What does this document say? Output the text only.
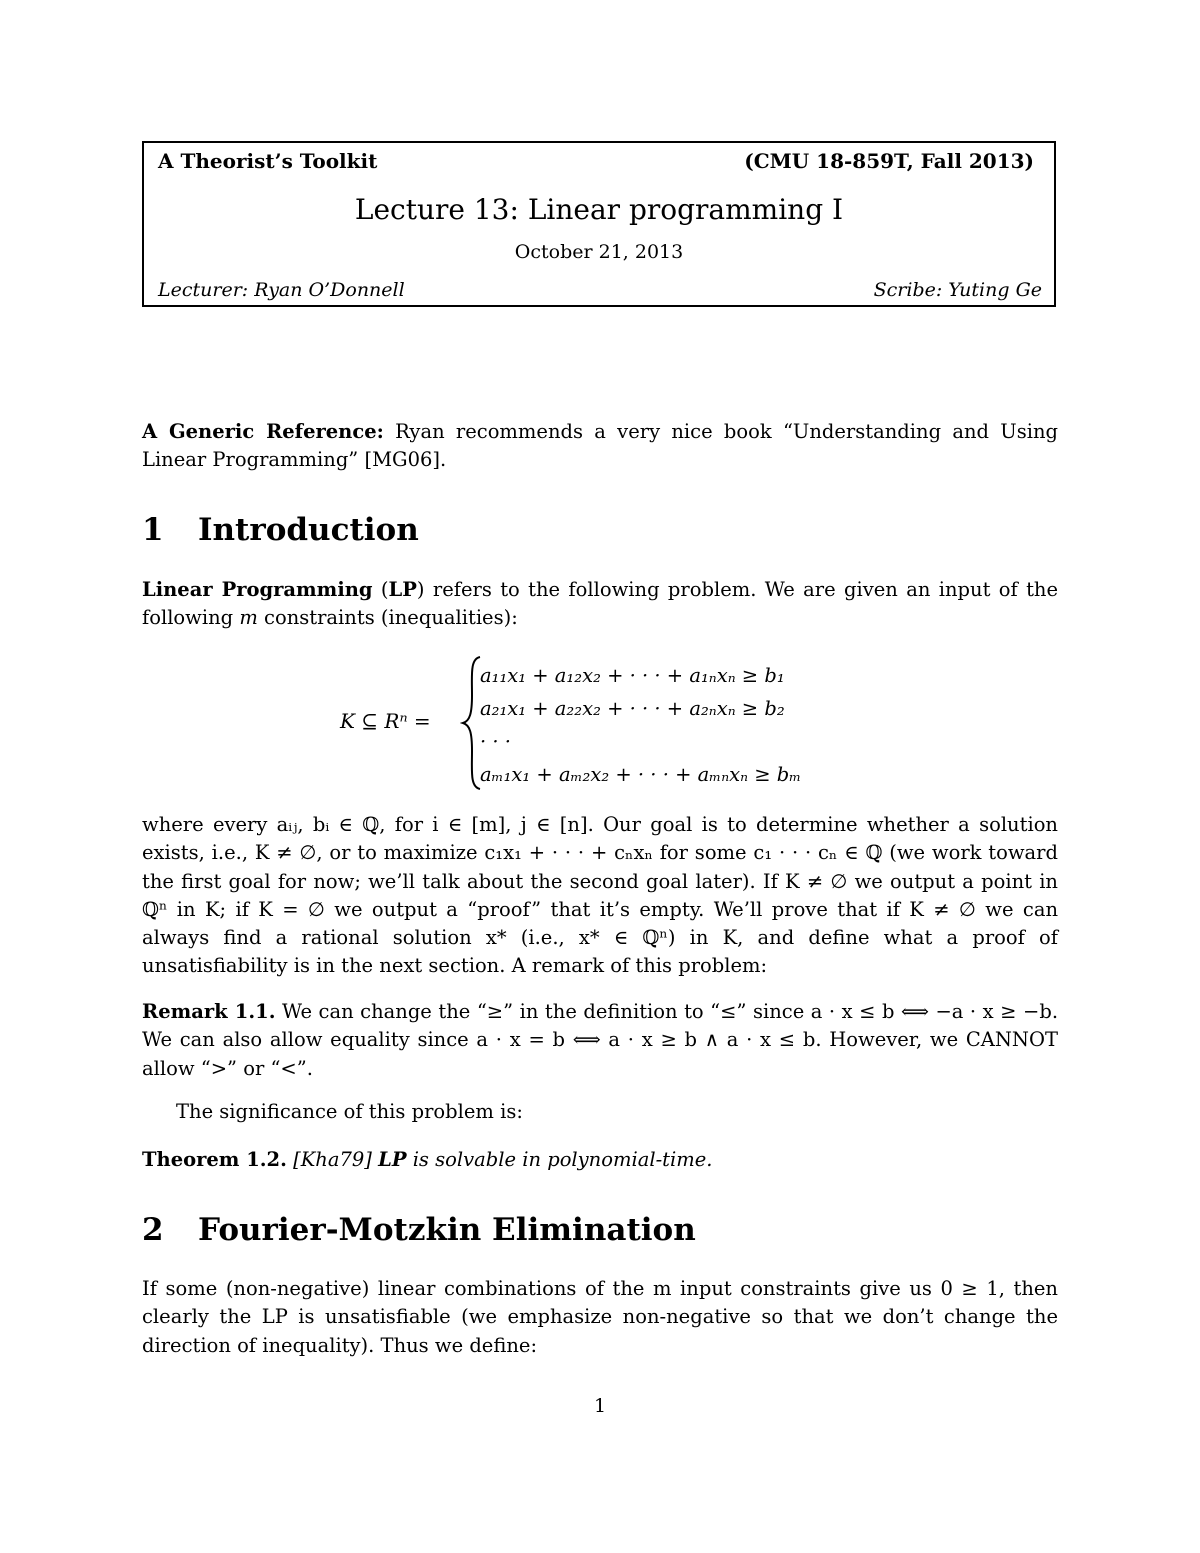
A Theorist’s Toolkit	(CMU 18-859T, Fall 2013)
Lecture 13: Linear programming I
October 21, 2013
Lecturer: Ryan O’Donnell	Scribe: Yuting Ge
A Generic Reference: Ryan recommends a very nice book “Understanding and Using Linear Programming” [MG06].
1 Introduction
Linear Programming (LP) refers to the following problem. We are given an input of the following m constraints (inequalities):
K ⊆ Rⁿ =
a₁₁x₁ + a₁₂x₂ + · · · + a₁ₙxₙ ≥ b₁
a₂₁x₁ + a₂₂x₂ + · · · + a₂ₙxₙ ≥ b₂
· · ·
aₘ₁x₁ + aₘ₂x₂ + · · · + aₘₙxₙ ≥ bₘ
where every aᵢⱼ, bᵢ ∈ ℚ, for i ∈ [m], j ∈ [n]. Our goal is to determine whether a solution exists, i.e., K ≠ ∅, or to maximize c₁x₁ + · · · + cₙxₙ for some c₁ · · · cₙ ∈ ℚ (we work toward the first goal for now; we’ll talk about the second goal later). If K ≠ ∅ we output a point in ℚⁿ in K; if K = ∅ we output a “proof” that it’s empty. We’ll prove that if K ≠ ∅ we can always find a rational solution x* (i.e., x* ∈ ℚⁿ) in K, and define what a proof of unsatisfiability is in the next section. A remark of this problem:
Remark 1.1. We can change the “≥” in the definition to “≤” since a · x ≤ b ⟺ −a · x ≥ −b. We can also allow equality since a · x = b ⟺ a · x ≥ b ∧ a · x ≤ b. However, we CANNOT allow “>” or “<”.
The significance of this problem is:
Theorem 1.2. [Kha79] LP is solvable in polynomial-time.
2 Fourier-Motzkin Elimination
If some (non-negative) linear combinations of the m input constraints give us 0 ≥ 1, then clearly the LP is unsatisfiable (we emphasize non-negative so that we don’t change the direction of inequality). Thus we define:
1
